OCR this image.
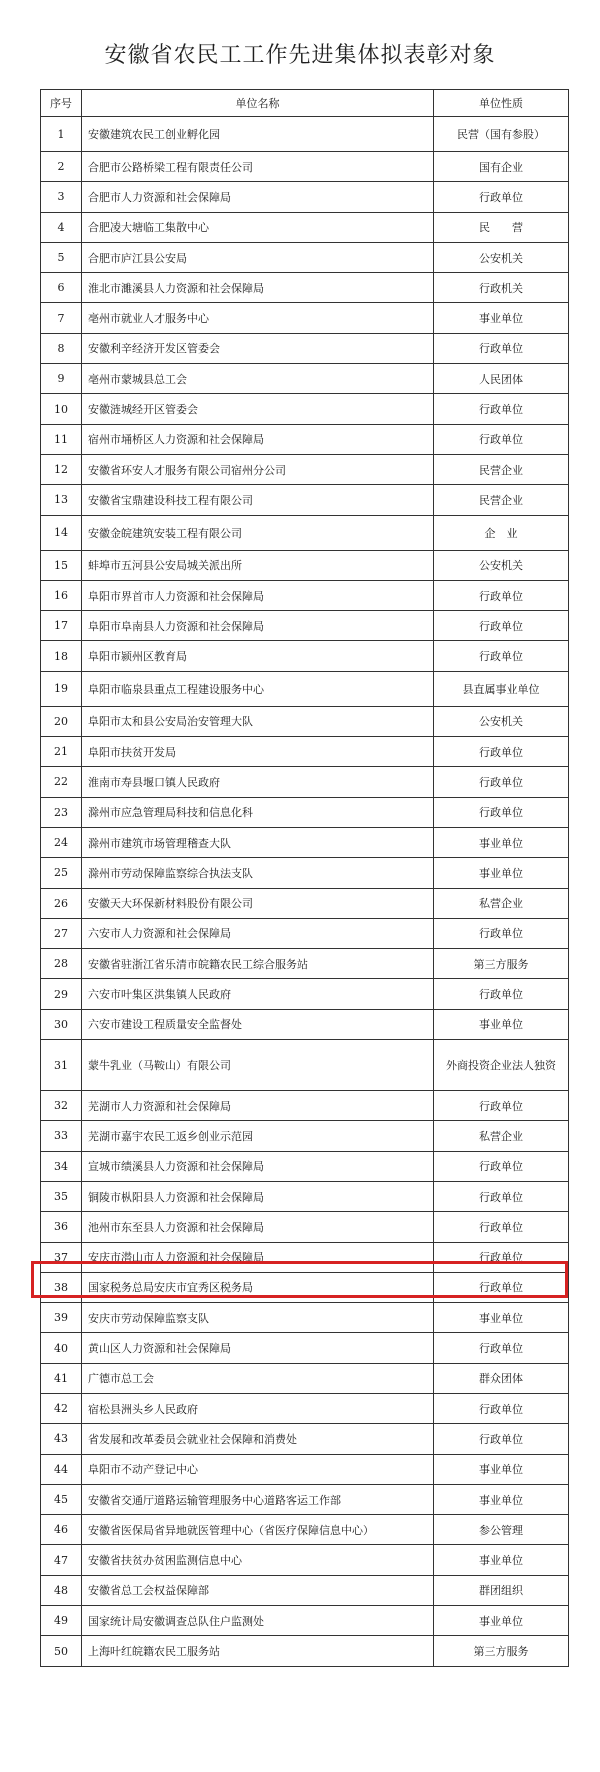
安徽省农民工工作先进集体拟表彰对象
序号	单位名称	单位性质
1	安徽建筑农民工创业孵化园	民营（国有参股）
2	合肥市公路桥梁工程有限责任公司	国有企业
3	合肥市人力资源和社会保障局	行政单位
4	合肥凌大塘临工集散中心	民　　营
5	合肥市庐江县公安局	公安机关
6	淮北市濉溪县人力资源和社会保障局	行政机关
7	亳州市就业人才服务中心	事业单位
8	安徽利辛经济开发区管委会	行政单位
9	亳州市蒙城县总工会	人民团体
10	安徽涟城经开区管委会	行政单位
11	宿州市埇桥区人力资源和社会保障局	行政单位
12	安徽省环安人才服务有限公司宿州分公司	民营企业
13	安徽省宝鼎建设科技工程有限公司	民营企业
14	安徽金皖建筑安装工程有限公司	企　业
15	蚌埠市五河县公安局城关派出所	公安机关
16	阜阳市界首市人力资源和社会保障局	行政单位
17	阜阳市阜南县人力资源和社会保障局	行政单位
18	阜阳市颍州区教育局	行政单位
19	阜阳市临泉县重点工程建设服务中心	县直属事业单位
20	阜阳市太和县公安局治安管理大队	公安机关
21	阜阳市扶贫开发局	行政单位
22	淮南市寿县堰口镇人民政府	行政单位
23	滁州市应急管理局科技和信息化科	行政单位
24	滁州市建筑市场管理稽查大队	事业单位
25	滁州市劳动保障监察综合执法支队	事业单位
26	安徽天大环保新材料股份有限公司	私营企业
27	六安市人力资源和社会保障局	行政单位
28	安徽省驻浙江省乐清市皖籍农民工综合服务站	第三方服务
29	六安市叶集区洪集镇人民政府	行政单位
30	六安市建设工程质量安全监督处	事业单位
31	蒙牛乳业（马鞍山）有限公司	外商投资企业法人独资
32	芜湖市人力资源和社会保障局	行政单位
33	芜湖市嘉宇农民工返乡创业示范园	私营企业
34	宣城市绩溪县人力资源和社会保障局	行政单位
35	铜陵市枞阳县人力资源和社会保障局	行政单位
36	池州市东至县人力资源和社会保障局	行政单位
37	安庆市潜山市人力资源和社会保障局	行政单位
38	国家税务总局安庆市宜秀区税务局	行政单位
39	安庆市劳动保障监察支队	事业单位
40	黄山区人力资源和社会保障局	行政单位
41	广德市总工会	群众团体
42	宿松县洲头乡人民政府	行政单位
43	省发展和改革委员会就业社会保障和消费处	行政单位
44	阜阳市不动产登记中心	事业单位
45	安徽省交通厅道路运输管理服务中心道路客运工作部	事业单位
46	安徽省医保局省异地就医管理中心（省医疗保障信息中心）	参公管理
47	安徽省扶贫办贫困监测信息中心	事业单位
48	安徽省总工会权益保障部	群团组织
49	国家统计局安徽调查总队住户监测处	事业单位
50	上海叶红皖籍农民工服务站	第三方服务
